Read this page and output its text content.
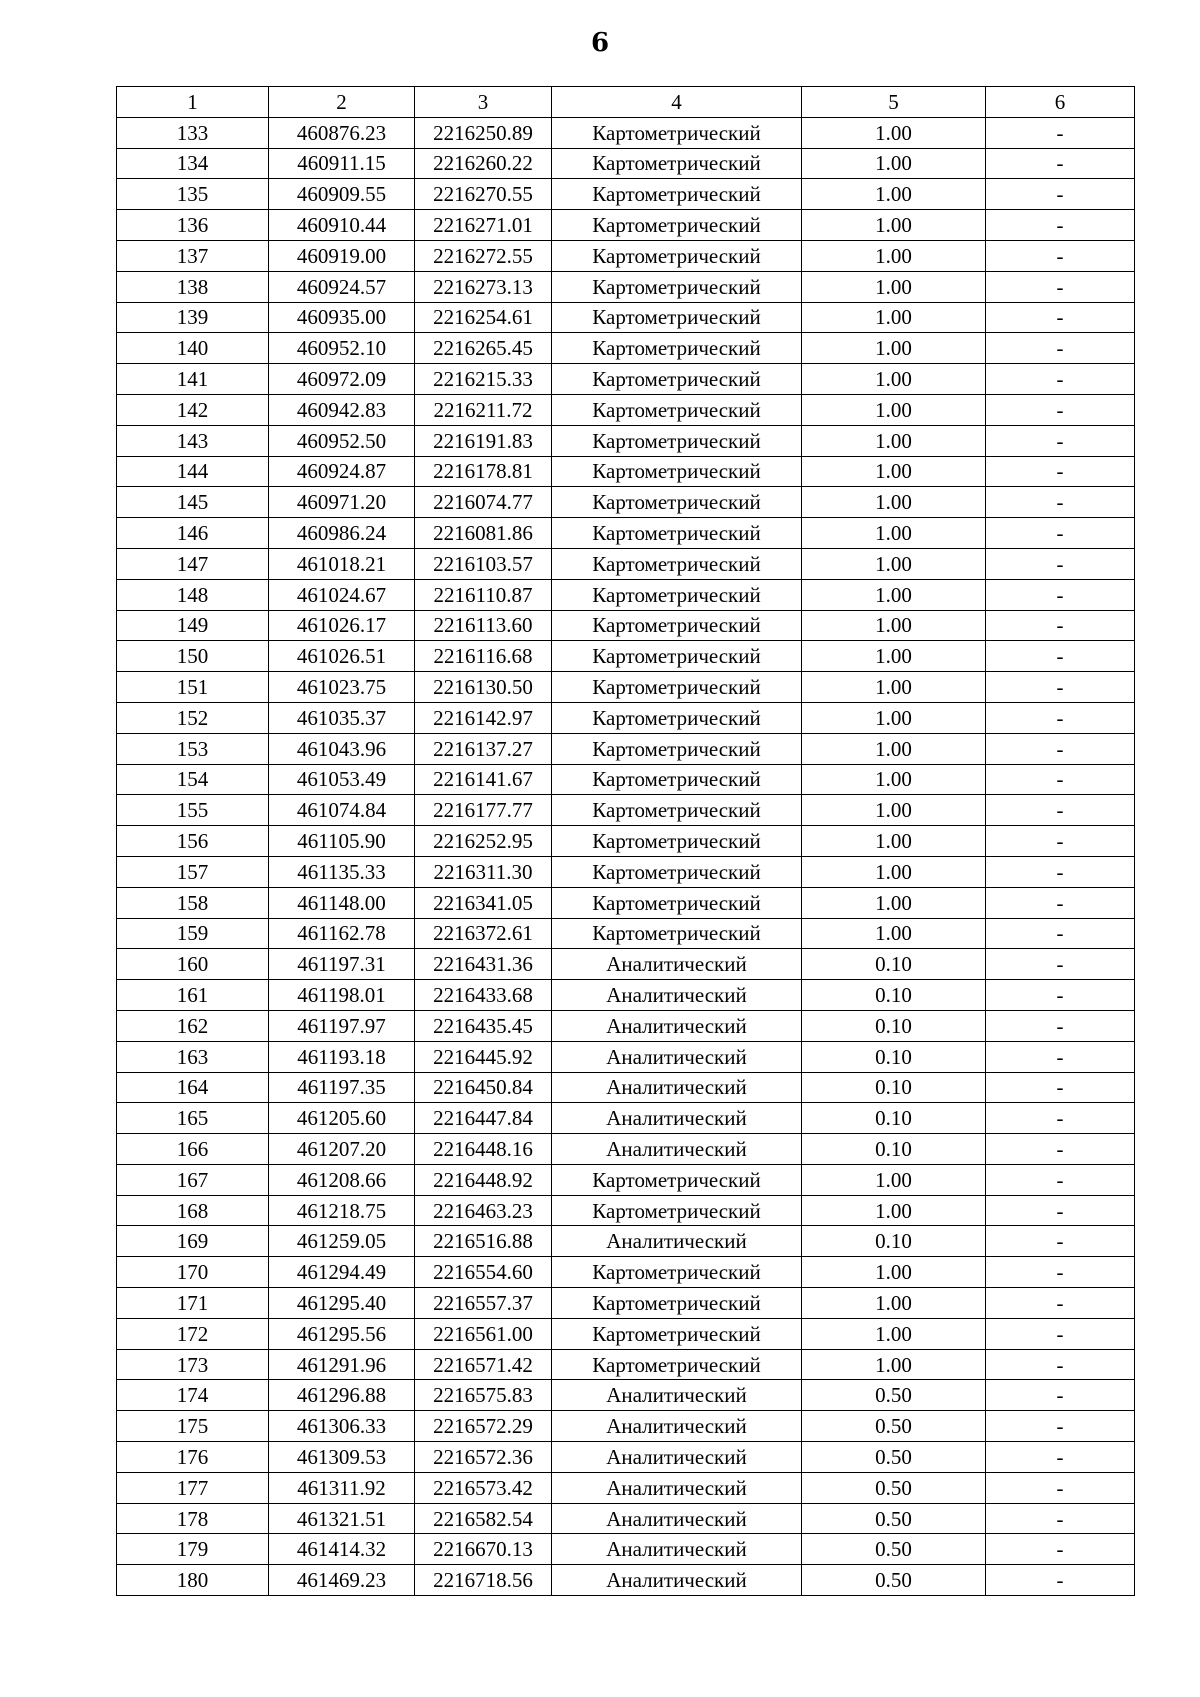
6
1	2	3	4	5	6
133	460876.23	2216250.89	Картометрический	1.00	-
134	460911.15	2216260.22	Картометрический	1.00	-
135	460909.55	2216270.55	Картометрический	1.00	-
136	460910.44	2216271.01	Картометрический	1.00	-
137	460919.00	2216272.55	Картометрический	1.00	-
138	460924.57	2216273.13	Картометрический	1.00	-
139	460935.00	2216254.61	Картометрический	1.00	-
140	460952.10	2216265.45	Картометрический	1.00	-
141	460972.09	2216215.33	Картометрический	1.00	-
142	460942.83	2216211.72	Картометрический	1.00	-
143	460952.50	2216191.83	Картометрический	1.00	-
144	460924.87	2216178.81	Картометрический	1.00	-
145	460971.20	2216074.77	Картометрический	1.00	-
146	460986.24	2216081.86	Картометрический	1.00	-
147	461018.21	2216103.57	Картометрический	1.00	-
148	461024.67	2216110.87	Картометрический	1.00	-
149	461026.17	2216113.60	Картометрический	1.00	-
150	461026.51	2216116.68	Картометрический	1.00	-
151	461023.75	2216130.50	Картометрический	1.00	-
152	461035.37	2216142.97	Картометрический	1.00	-
153	461043.96	2216137.27	Картометрический	1.00	-
154	461053.49	2216141.67	Картометрический	1.00	-
155	461074.84	2216177.77	Картометрический	1.00	-
156	461105.90	2216252.95	Картометрический	1.00	-
157	461135.33	2216311.30	Картометрический	1.00	-
158	461148.00	2216341.05	Картометрический	1.00	-
159	461162.78	2216372.61	Картометрический	1.00	-
160	461197.31	2216431.36	Аналитический	0.10	-
161	461198.01	2216433.68	Аналитический	0.10	-
162	461197.97	2216435.45	Аналитический	0.10	-
163	461193.18	2216445.92	Аналитический	0.10	-
164	461197.35	2216450.84	Аналитический	0.10	-
165	461205.60	2216447.84	Аналитический	0.10	-
166	461207.20	2216448.16	Аналитический	0.10	-
167	461208.66	2216448.92	Картометрический	1.00	-
168	461218.75	2216463.23	Картометрический	1.00	-
169	461259.05	2216516.88	Аналитический	0.10	-
170	461294.49	2216554.60	Картометрический	1.00	-
171	461295.40	2216557.37	Картометрический	1.00	-
172	461295.56	2216561.00	Картометрический	1.00	-
173	461291.96	2216571.42	Картометрический	1.00	-
174	461296.88	2216575.83	Аналитический	0.50	-
175	461306.33	2216572.29	Аналитический	0.50	-
176	461309.53	2216572.36	Аналитический	0.50	-
177	461311.92	2216573.42	Аналитический	0.50	-
178	461321.51	2216582.54	Аналитический	0.50	-
179	461414.32	2216670.13	Аналитический	0.50	-
180	461469.23	2216718.56	Аналитический	0.50	-
